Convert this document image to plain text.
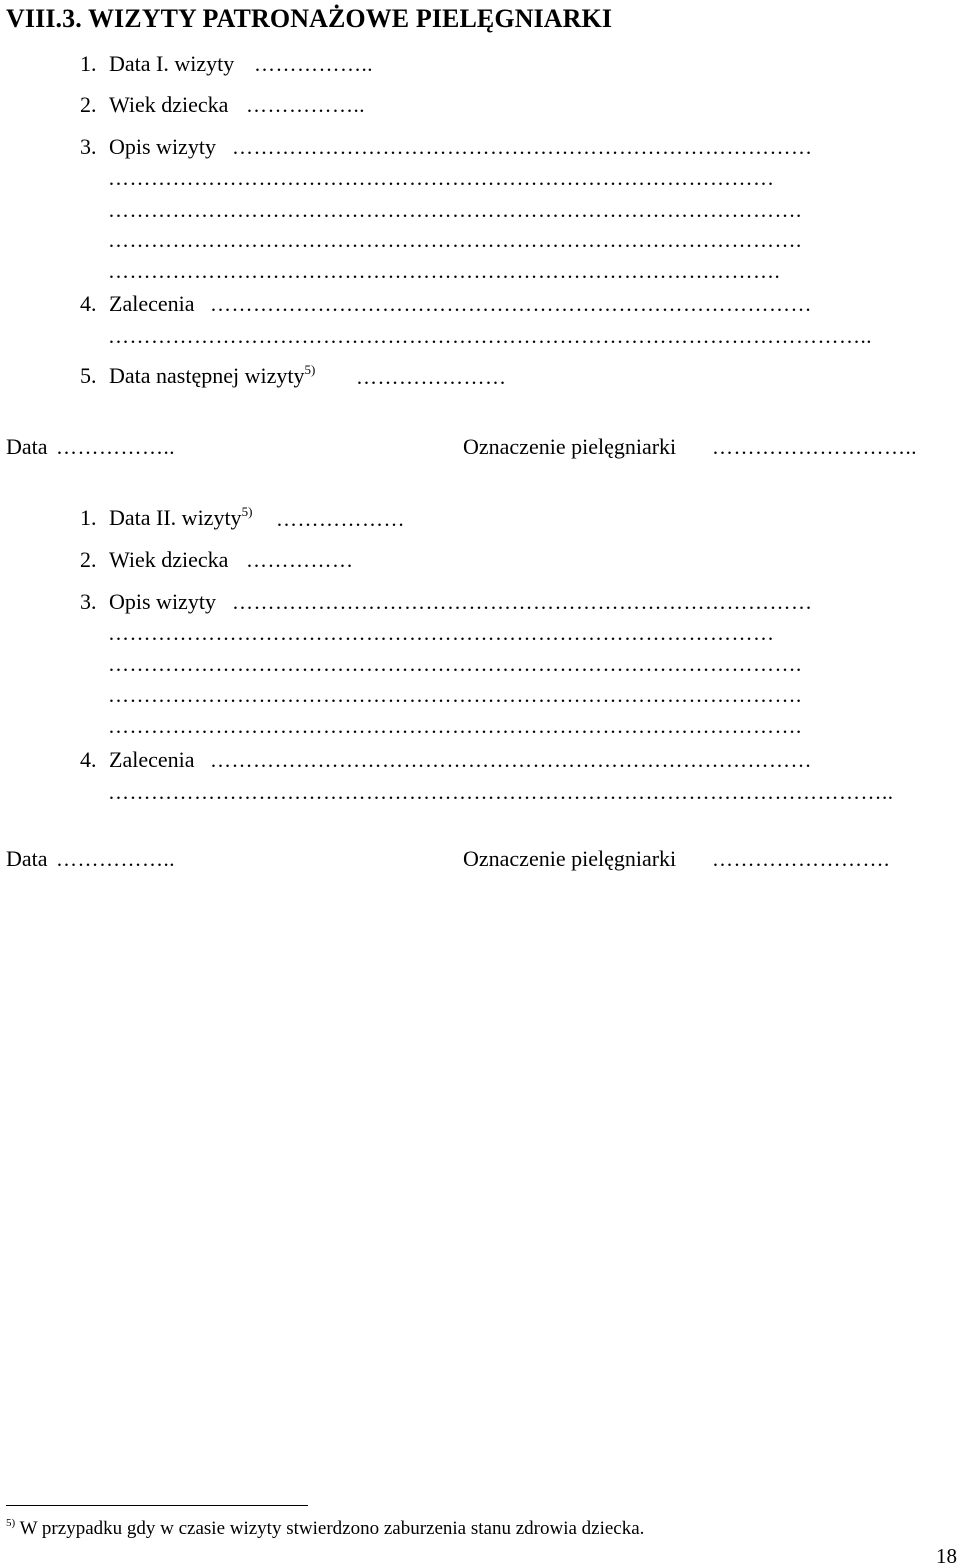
VIII.3. WIZYTY PATRONAŻOWE PIELĘGNIARKI
1. Data I. wizyty ……………..
2. Wiek dziecka ……………..
3. Opis wizyty ………………………………………………………………………
…………………………………………………………………………………
…………………………………………………………………………………….
…………………………………………………………………………………….
………………………………………………………………………………….
4. Zalecenia …………………………………………………………………………
……………………………………………………………………………………………..
5. Data następnej wizyty$^{5)}$ …………………
Data ……………..	Oznaczenie pielęgniarki ………………………..
1. Data II. wizyty$^{5)}$ ………………
2. Wiek dziecka ……………
3. Opis wizyty ………………………………………………………………………
…………………………………………………………………………………
…………………………………………………………………………………….
…………………………………………………………………………………….
…………………………………………………………………………………….
4. Zalecenia …………………………………………………………………………
………………………………………………………………………………………………..
Data ……………..	Oznaczenie pielęgniarki …………………….
$^{5)}$ W przypadku gdy w czasie wizyty stwierdzono zaburzenia stanu zdrowia dziecka.
18
